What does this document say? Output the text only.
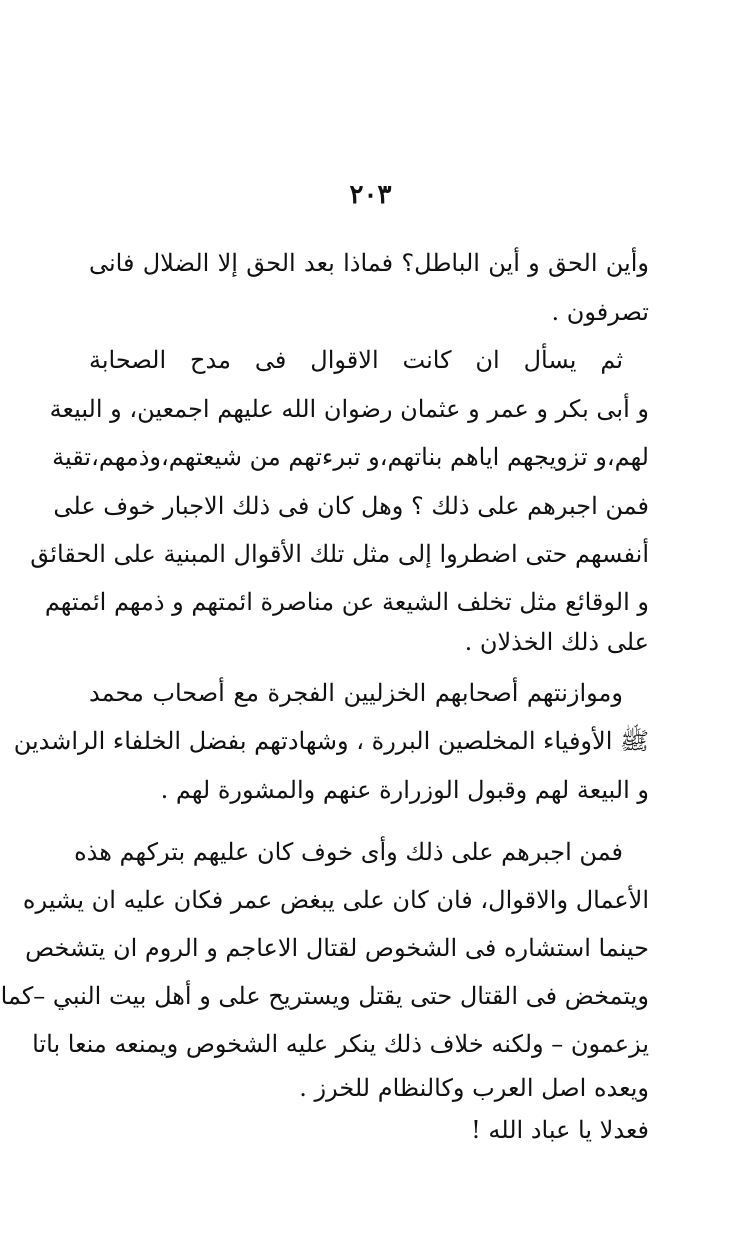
۲۰۳
وأين الحق و أين الباطل؟ فماذا بعد الحق إلا الضلال فانى
تصرفون .
ثم يسأل ان كانت الاقوال فى مدح الصحابة
و أبى بكر و عمر و عثمان رضوان الله عليهم اجمعين، و البيعة
لهم،و تزويجهم اياهم بناتهم،و تبرءتهم من شيعتهم،وذمهم،تقية
فمن اجبرهم على ذلك ؟ وهل كان فى ذلك الاجبار خوف على
أنفسهم حتى اضطروا إلى مثل تلك الأقوال المبنية على الحقائق
و الوقائع مثل تخلف الشيعة عن مناصرة ائمتهم و ذمهم ائمتهم
على ذلك الخذلان .
وموازنتهم أصحابهم الخزليين الفجرة مع أصحاب محمد
ﷺ الأوفياء المخلصين البررة ، وشهادتهم بفضل الخلفاء الراشدين
و البيعة لهم وقبول الوزرارة عنهم والمشورة لهم .
فمن اجبرهم على ذلك وأى خوف كان عليهم بتركهم هذه
الأعمال والاقوال، فان كان على يبغض عمر فكان عليه ان يشيره
حينما استشاره فى الشخوص لقتال الاعاجم و الروم ان يتشخص
ويتمخض فى القتال حتى يقتل ويستريح على و أهل بيت النبي –كما
يزعمون – ولكنه خلاف ذلك ينكر عليه الشخوص ويمنعه منعا باتا
ويعده اصل العرب وكالنظام للخرز .
فعدلا يا عباد الله !
